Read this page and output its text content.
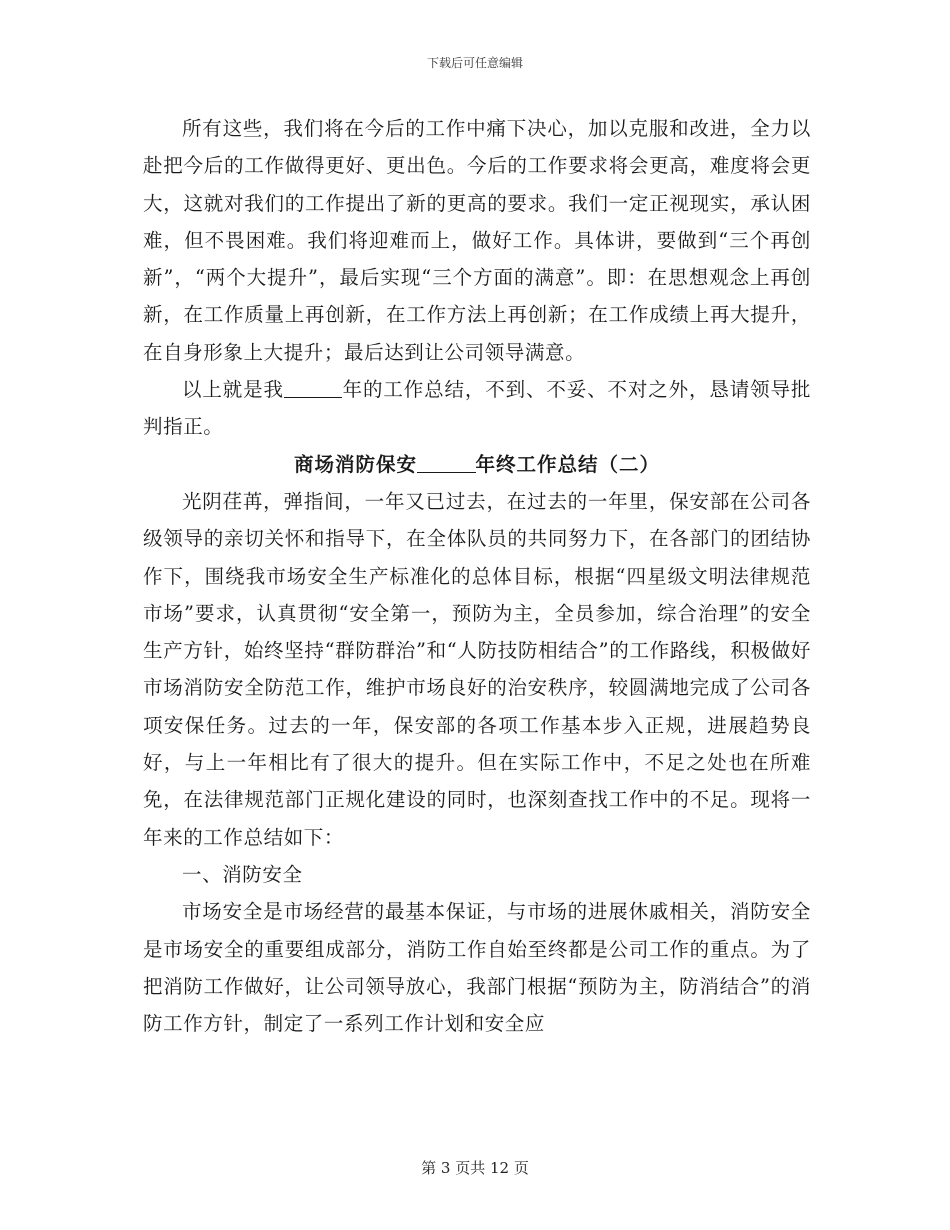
下载后可任意编辑

所有这些，我们将在今后的工作中痛下决心，加以克服和改进，全力以赴把今后的工作做得更好、更出色。今后的工作要求将会更高，难度将会更大，这就对我们的工作提出了新的更高的要求。我们一定正视现实，承认困难，但不畏困难。我们将迎难而上，做好工作。具体讲，要做到“三个再创新”，“两个大提升”，最后实现“三个方面的满意”。即：在思想观念上再创新，在工作质量上再创新，在工作方法上再创新；在工作成绩上再大提升，在自身形象上大提升；最后达到让公司领导满意。

以上就是我	年的工作总结，不到、不妥、不对之外，恳请领导批判指正。

商场消防保安	年终工作总结（二）

光阴荏苒，弹指间，一年又已过去，在过去的一年里，保安部在公司各级领导的亲切关怀和指导下，在全体队员的共同努力下，在各部门的团结协作下，围绕我市场安全生产标准化的总体目标，根据“四星级文明法律规范市场”要求，认真贯彻“安全第一，预防为主，全员参加，综合治理”的安全生产方针，始终坚持“群防群治”和“人防技防相结合”的工作路线，积极做好市场消防安全防范工作，维护市场良好的治安秩序，较圆满地完成了公司各项安保任务。过去的一年，保安部的各项工作基本步入正规，进展趋势良好，与上一年相比有了很大的提升。但在实际工作中，不足之处也在所难免，在法律规范部门正规化建设的同时，也深刻查找工作中的不足。现将一年来的工作总结如下：

一、消防安全

市场安全是市场经营的最基本保证，与市场的进展休戚相关，消防安全是市场安全的重要组成部分，消防工作自始至终都是公司工作的重点。为了把消防工作做好，让公司领导放心，我部门根据“预防为主，防消结合”的消防工作方针，制定了一系列工作计划和安全应

第 3 页共 12 页
